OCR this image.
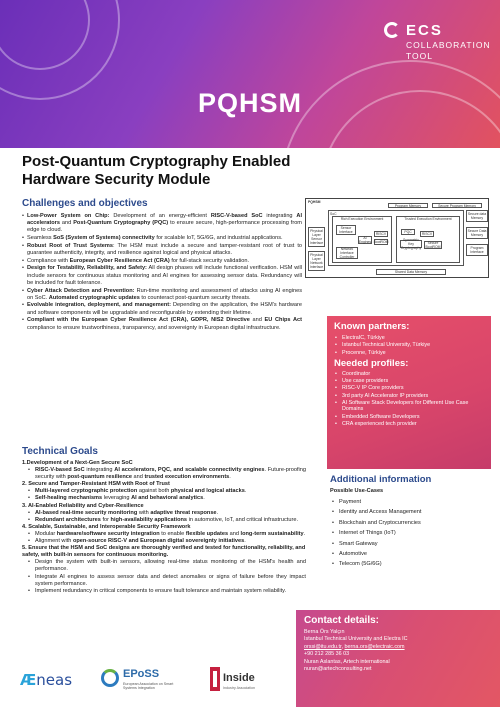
ECS
COLLABORATION
TOOL
PQHSM
Post-Quantum Cryptography Enabled Hardware Security Module
Challenges and objectives
• Low-Power System on Chip: Development of an energy-efficient RISC-V-based SoC integrating AI accelerators and Post-Quantum Cryptography (PQC) to ensure secure, high-performance processing from edge to cloud.
• Seamless SoS (System of Systems) connectivity for scalable IoT, 5G/6G, and industrial applications.
• Robust Root of Trust Systems: The HSM must include a secure and tamper-resistant root of trust to guarantee authenticity, integrity, and resilience against logical and physical attacks.
• Compliance with European Cyber Resilience Act (CRA) for full-stack security validation.
• Design for Testability, Reliability, and Safety: All design phases will include functional verification. HSM will include sensors for continuous status monitoring and AI engines for assessing sensor data. Redundancy will be included for fault tolerance.
• Cyber Attack Detection and Prevention: Run-time monitoring and assessment of attacks using AI engines on SoC. Automated cryptographic updates to counteract post-quantum security threats.
• Evolvable integration, deployment, and management: Depending on the application, the HSM's hardware and software components will be upgradable and reconfigurable by extending their lifetime.
• Compliant with the European Cyber Resilience Act (CRA), GDPR, NIS2 Directive and EU Chips Act compliance to ensure trustworthiness, transparency, and sovereignty in European digital infrastructure.
PQHSM
Program Memory	Secure Program Memory
SoC
Physical Layer Sensor Interface
Physical Layer Network Interface
Rich Execution Environment	Trusted Execution Environment
Sensor Interface
AI Engines
RISCV
BootROM
Network Interface Controller
PQC	RISCV
Symmetric Key Cryptography
Secure BootROM
Secure data Memory
Secure Data Memory
Program Interface
Shared Data Memory
Technical Goals
1.Development of a Next-Gen Secure SoC
• RISC-V-based SoC integrating AI accelerators, PQC, and scalable connectivity engines. Future-proofing security with post-quantum resilience and trusted execution environments.
2. Secure and Tamper-Resistant HSM with Root of Trust
• Multi-layered cryptographic protection against both physical and logical attacks.
• Self-healing mechanisms leveraging AI and behavioral analytics.
3. AI-Enabled Reliability and Cyber-Resilience
• AI-based real-time security monitoring with adaptive threat response.
• Redundant architectures for high-availability applications in automotive, IoT, and critical infrastructure.
4. Scalable, Sustainable, and Interoperable Security Framework
• Modular hardware/software security integration to enable flexible updates and long-term sustainability.
• Alignment with open-source RISC-V and European digital sovereignty initiatives.
5. Ensure that the HSM and SoC designs are thoroughly verified and tested for functionality, reliability, and safety, with built-in sensors for continuous monitoring.
• Design the system with built-in sensors, allowing real-time status monitoring of the HSM's health and performance.
• Integrate AI engines to assess sensor data and detect anomalies or signs of failure before they impact system performance.
• Implement redundancy in critical components to ensure fault tolerance and maintain system reliability.
Known partners:
• ElectraIC, Türkiye
• Istanbul Technical University, Türkiye
• Procenne, Türkiye
Needed profiles:
• Coordinator
• Use case providers
• RISC-V IP Core providers
• 3rd party AI Accelerator IP providers
• AI Software Stack Developers for Different Use Case Domains
• Embedded Software Developers
• CRA experienced tech provider
Additional information
Possible Use-Cases
• Payment
• Identity and Access Management
• Blockchain and Cryptocurrencies
• Internet of Things (IoT)
• Smart Gateway
• Automotive
• Telecom (5G/6G)
Contact details:

Berna Örs Yalçın

Istanbul Technical University and Electra IC

orssi@itu.edu.tr, berna.ors@electraic.com

+90 212 285 36 03

Nuran Aslantas, Artech international

nuran@artechconsulting.net

Æneas	EPoSS
European Association on Smart Systems Integration
Inside
Industry Association
